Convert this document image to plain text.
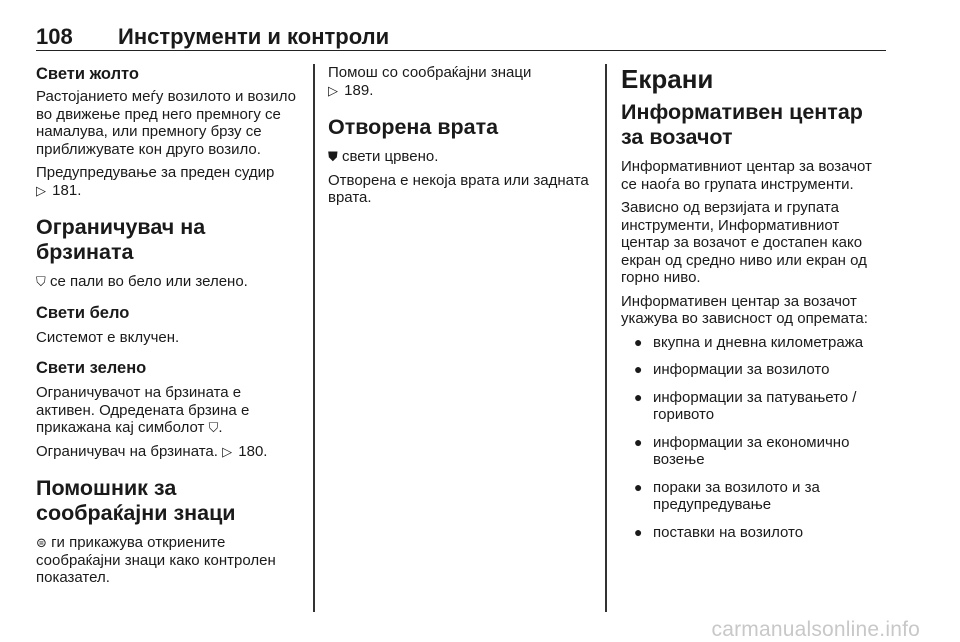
108 Инструменти и контроли
Свети жолто

Растојанието меѓу возилото и возило во движење пред него премногу се намалува, или премногу брзу се приближувате кон друго возило.

Предупредување за преден судир
▷ 181.

Ограничувач на брзината

⛉ се пали во бело или зелено.

Свети бело

Системот е вклучен.

Свети зелено

Ограничувачот на брзината е активен. Одредената брзина е прикажана кај симболот ⛉.

Ограничувач на брзината. ▷ 180.

Помошник за сообраќајни знаци

⊜ ги прикажува откриените сообраќајни знаци како контролен показател.

Помош со сообраќајни знаци
▷ 189.

Отворена врата

⛊ свети црвено.

Отворена е некоја врата или задната врата.

Екрани
Информативен центар за возачот

Информативниот центар за возачот се наоѓа во групата инструменти.

Зависно од верзијата и групата инструменти, Информативниот центар за возачот е достапен како екран од средно ниво или екран од горно ниво.

Информативен центар за возачот укажува во зависност од опремата:

● вкупна и дневна километража
● информации за возилото
● информации за патувањето / горивото
● информации за економично возење
● пораки за возилото и за предупредување
● поставки на возилото
carmanualsonline.info
